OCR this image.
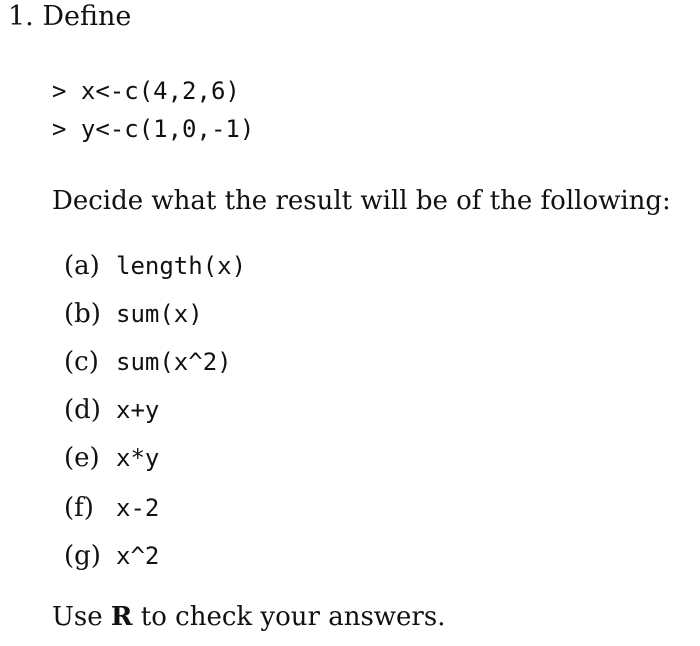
1. Define
> x<-c(4,2,6)
> y<-c(1,0,-1)
Decide what the result will be of the following:
(a) length(x)
(b) sum(x)
(c) sum(x^2)
(d) x+y
(e) x*y
(f) x-2
(g) x^2
Use R to check your answers.
